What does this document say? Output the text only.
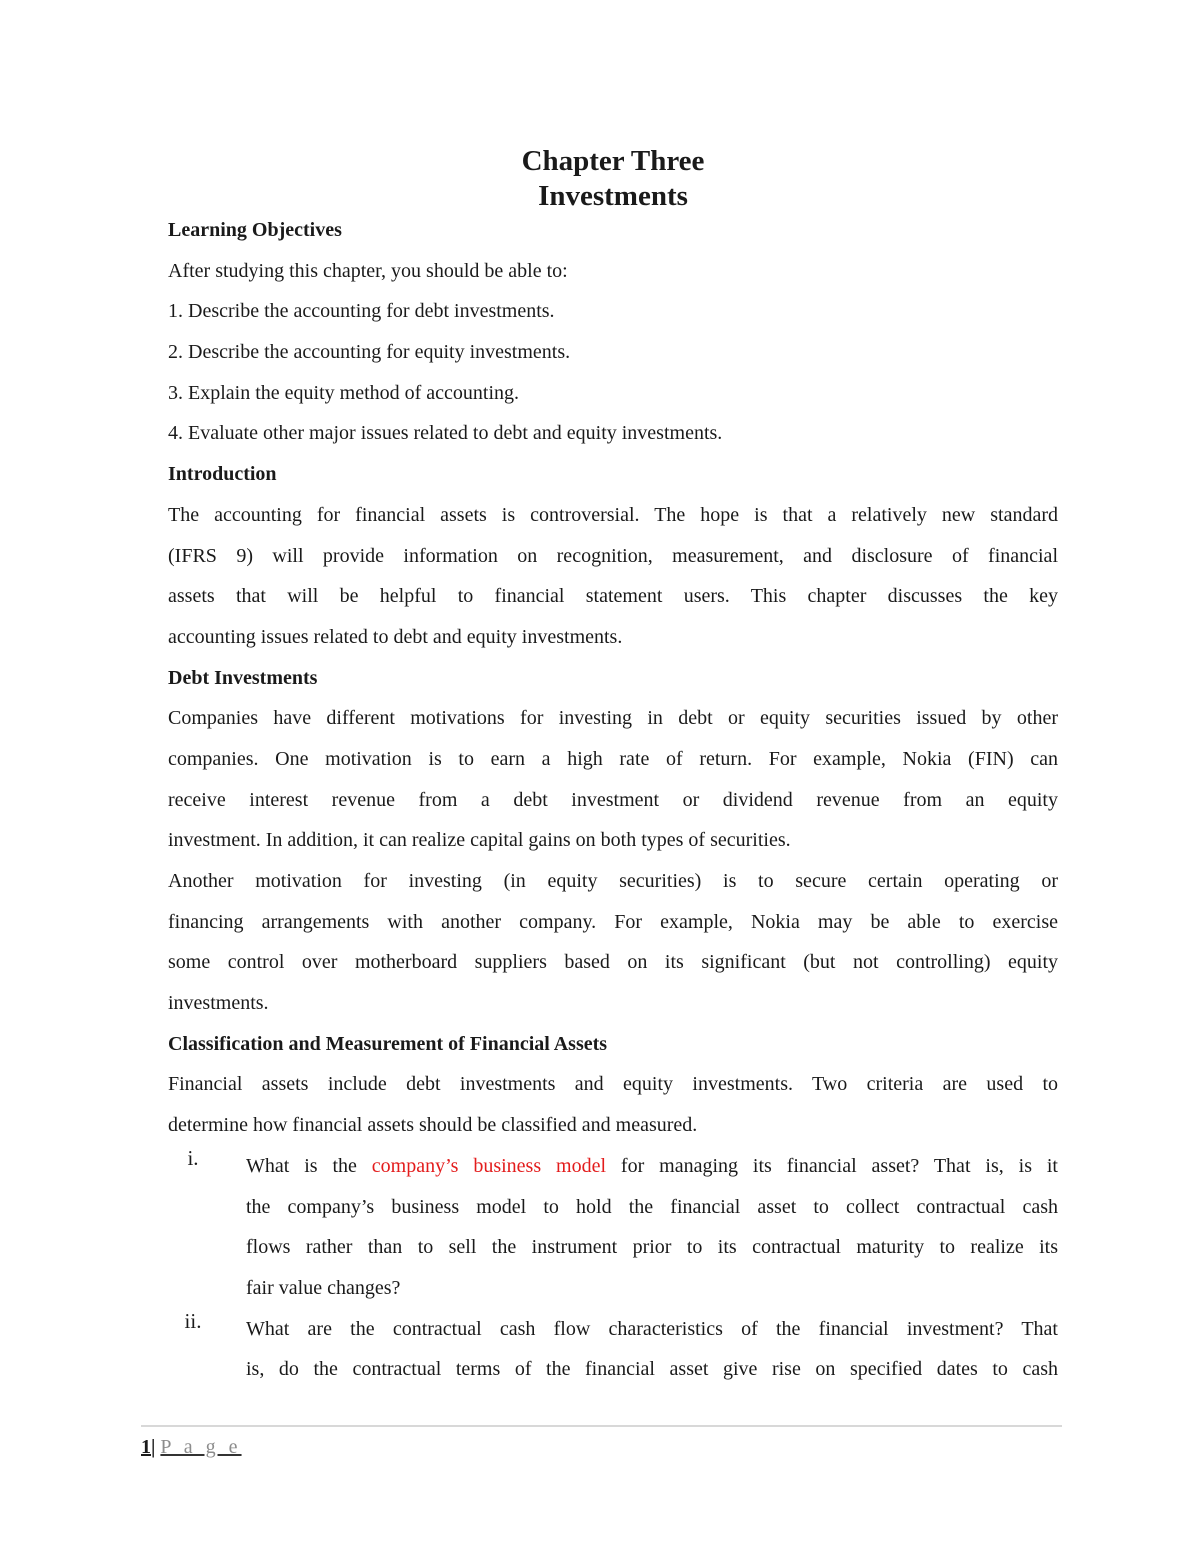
Chapter Three
Investments
Learning Objectives
After studying this chapter, you should be able to:
1. Describe the accounting for debt investments.
2. Describe the accounting for equity investments.
3. Explain the equity method of accounting.
4. Evaluate other major issues related to debt and equity investments.
Introduction
The accounting for financial assets is controversial. The hope is that a relatively new standard
(IFRS 9) will provide information on recognition, measurement, and disclosure of financial
assets that will be helpful to financial statement users. This chapter discusses the key
accounting issues related to debt and equity investments.
Debt Investments
Companies have different motivations for investing in debt or equity securities issued by other
companies. One motivation is to earn a high rate of return. For example, Nokia (FIN) can
receive interest revenue from a debt investment or dividend revenue from an equity
investment. In addition, it can realize capital gains on both types of securities.
Another motivation for investing (in equity securities) is to secure certain operating or
financing arrangements with another company. For example, Nokia may be able to exercise
some control over motherboard suppliers based on its significant (but not controlling) equity
investments.
Classification and Measurement of Financial Assets
Financial assets include debt investments and equity investments. Two criteria are used to
determine how financial assets should be classified and measured.
i.	What is the company’s business model for managing its financial asset? That is, is it
the company’s business model to hold the financial asset to collect contractual cash
flows rather than to sell the instrument prior to its contractual maturity to realize its
fair value changes?
ii.	What are the contractual cash flow characteristics of the financial investment? That
is, do the contractual terms of the financial asset give rise on specified dates to cash
1| P a g e
